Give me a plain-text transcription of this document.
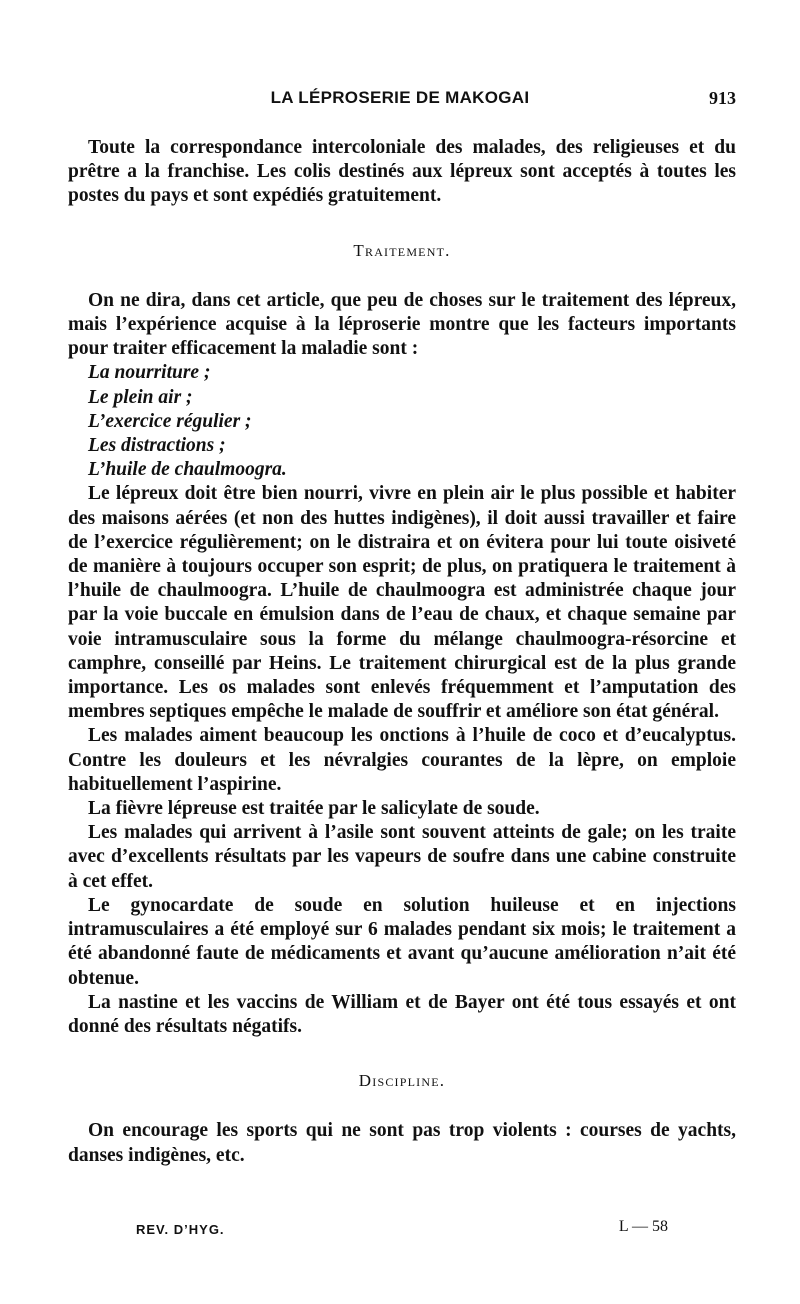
LA LÉPROSERIE DE MAKOGAI	913

Toute la correspondance intercoloniale des malades, des religieuses et du prêtre a la franchise. Les colis destinés aux lépreux sont acceptés à toutes les postes du pays et sont expédiés gratuitement.

Traitement.

On ne dira, dans cet article, que peu de choses sur le traitement des lépreux, mais l’expérience acquise à la léproserie montre que les facteurs importants pour traiter efficacement la maladie sont :

La nourriture ;
Le plein air ;
L’exercice régulier ;
Les distractions ;
L’huile de chaulmoogra.

Le lépreux doit être bien nourri, vivre en plein air le plus possible et habiter des maisons aérées (et non des huttes indigènes), il doit aussi travailler et faire de l’exercice régulièrement; on le distraira et on évitera pour lui toute oisiveté de manière à toujours occuper son esprit; de plus, on pratiquera le traitement à l’huile de chaulmoogra. L’huile de chaulmoogra est administrée chaque jour par la voie buccale en émulsion dans de l’eau de chaux, et chaque semaine par voie intramusculaire sous la forme du mélange chaulmoogra-résorcine et camphre, conseillé par Heins. Le traitement chirurgical est de la plus grande importance. Les os malades sont enlevés fréquemment et l’amputation des membres septiques empêche le malade de souffrir et améliore son état général.

Les malades aiment beaucoup les onctions à l’huile de coco et d’eucalyptus. Contre les douleurs et les névralgies courantes de la lèpre, on emploie habituellement l’aspirine.

La fièvre lépreuse est traitée par le salicylate de soude.

Les malades qui arrivent à l’asile sont souvent atteints de gale; on les traite avec d’excellents résultats par les vapeurs de soufre dans une cabine construite à cet effet.

Le gynocardate de soude en solution huileuse et en injections intramusculaires a été employé sur 6 malades pendant six mois; le traitement a été abandonné faute de médicaments et avant qu’aucune amélioration n’ait été obtenue.

La nastine et les vaccins de William et de Bayer ont été tous essayés et ont donné des résultats négatifs.

Discipline.

On encourage les sports qui ne sont pas trop violents : courses de yachts, danses indigènes, etc.

REV. D’HYG.	L — 58
